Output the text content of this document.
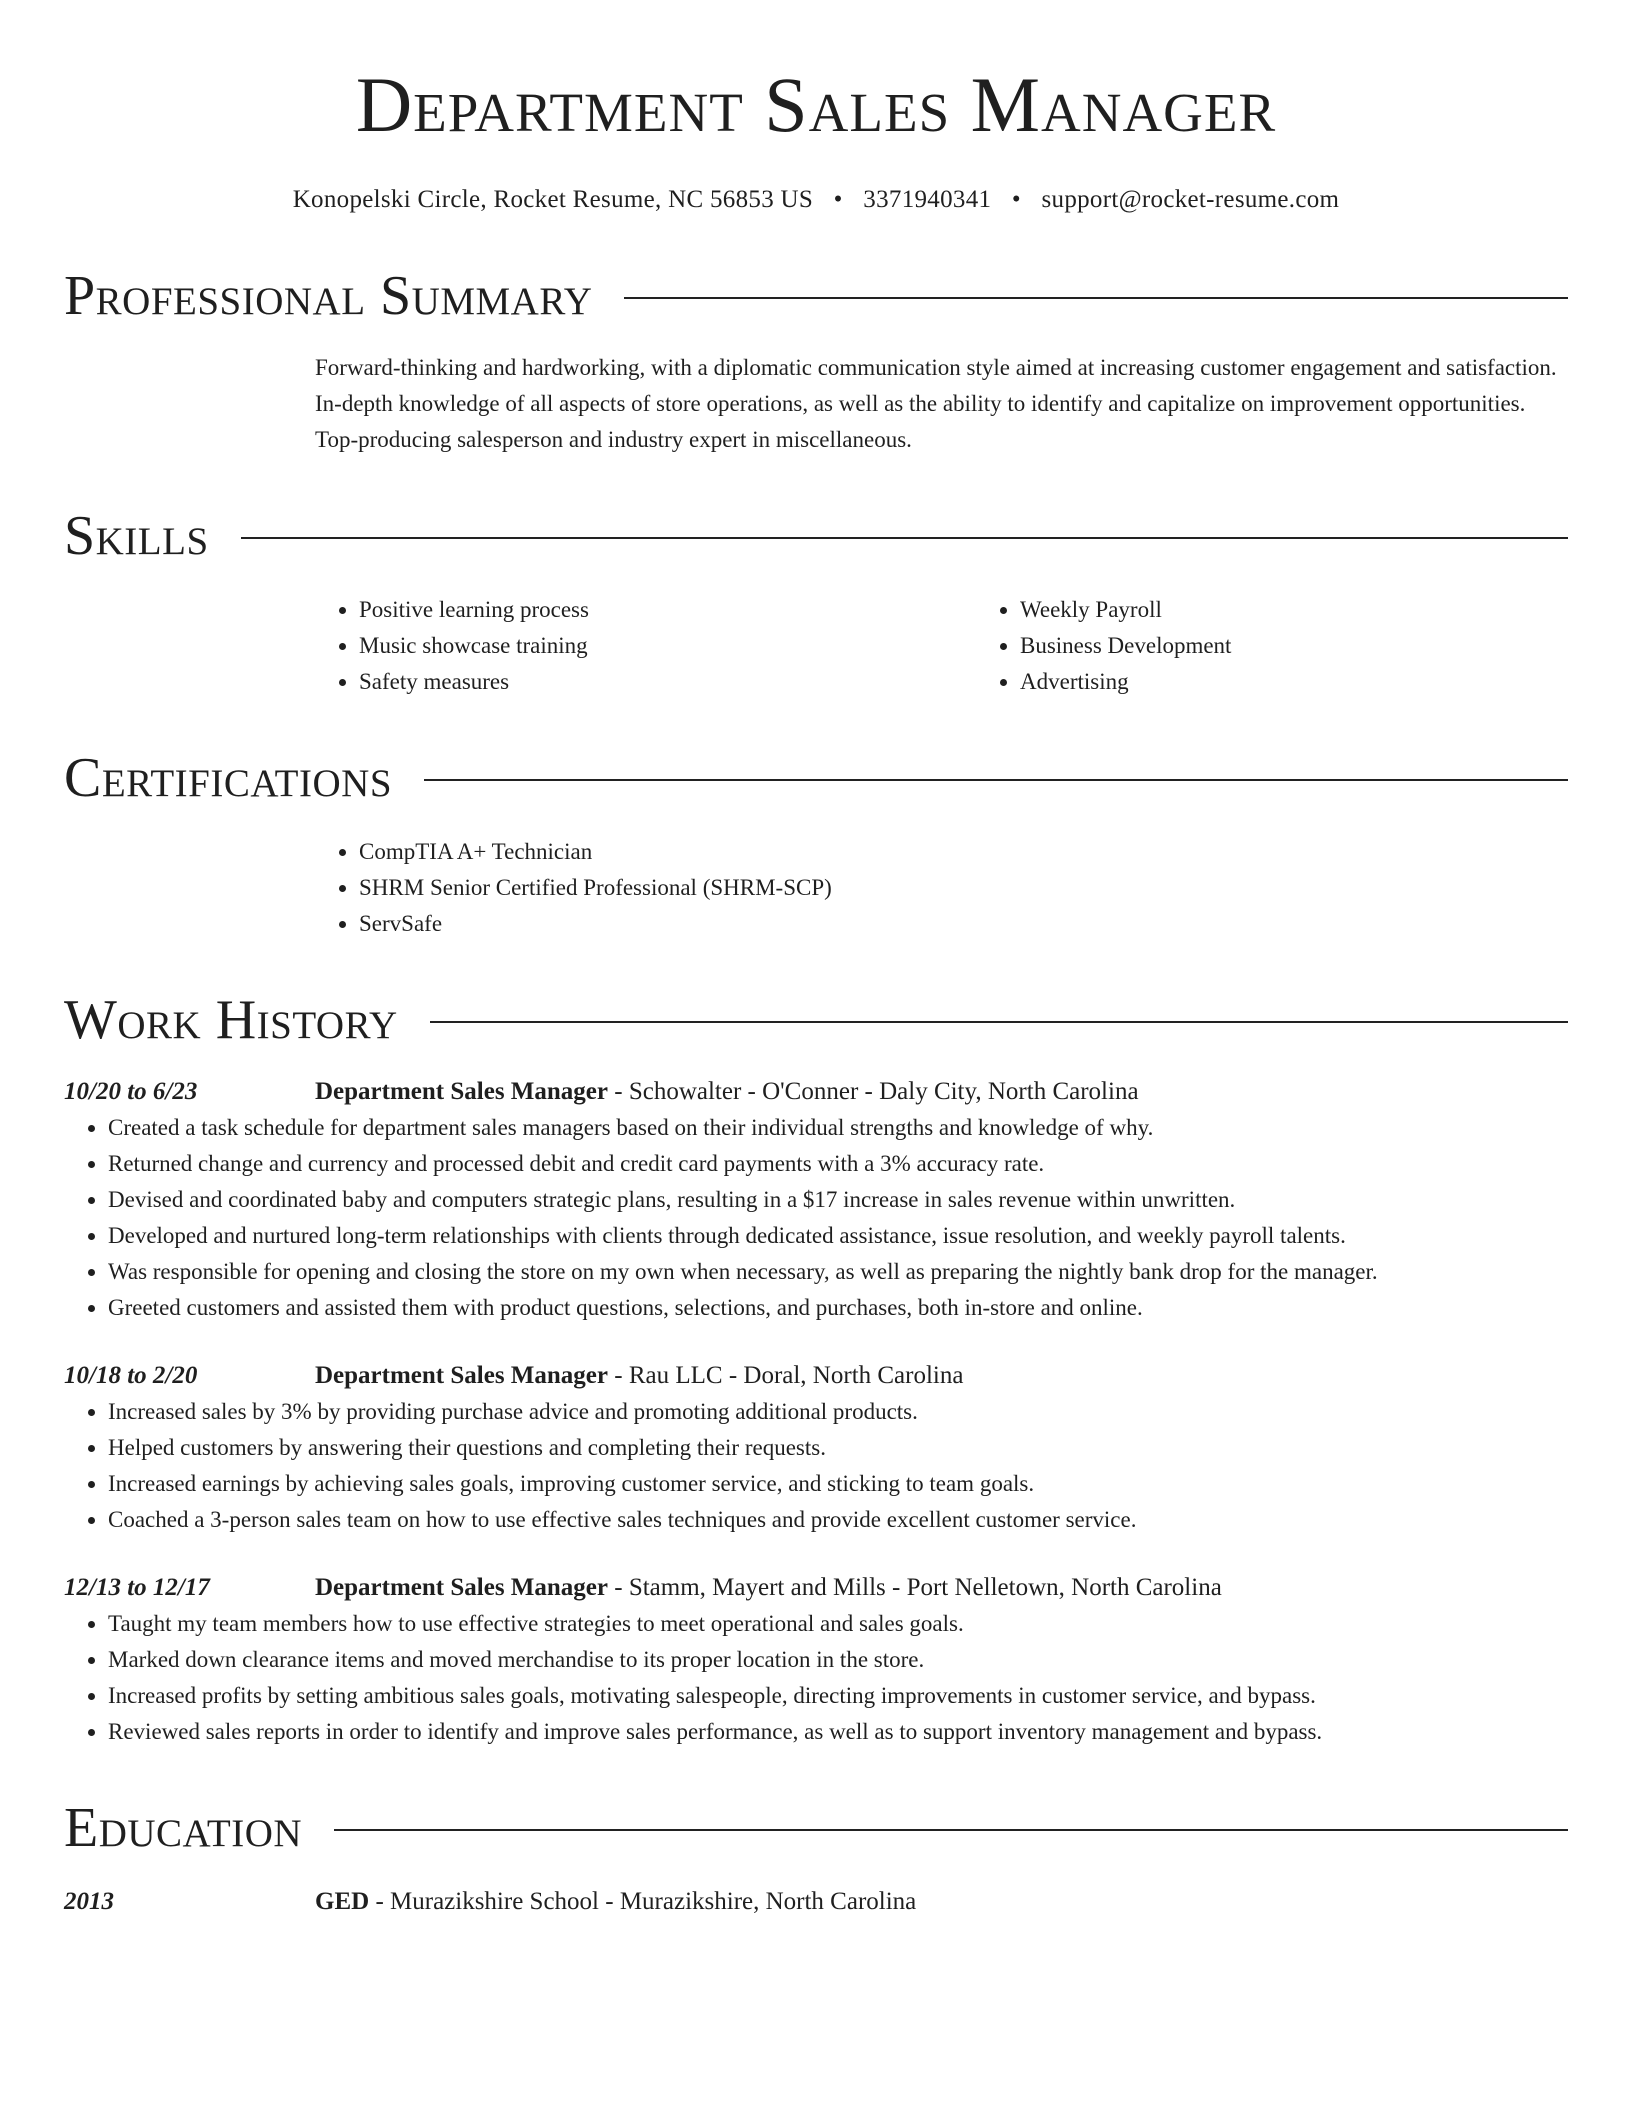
Department Sales Manager
Konopelski Circle, Rocket Resume, NC 56853 US • 3371940341 • support@rocket-resume.com
Professional Summary
Forward-thinking and hardworking, with a diplomatic communication style aimed at increasing customer engagement and satisfaction. In-depth knowledge of all aspects of store operations, as well as the ability to identify and capitalize on improvement opportunities. Top-producing salesperson and industry expert in miscellaneous.
Skills
• Positive learning process
• Music showcase training
• Safety measures
• Weekly Payroll
• Business Development
• Advertising
Certifications
• CompTIA A+ Technician
• SHRM Senior Certified Professional (SHRM-SCP)
• ServSafe
Work History
10/20 to 6/23	Department Sales Manager - Schowalter - O'Conner - Daly City, North Carolina
• Created a task schedule for department sales managers based on their individual strengths and knowledge of why.
• Returned change and currency and processed debit and credit card payments with a 3% accuracy rate.
• Devised and coordinated baby and computers strategic plans, resulting in a $17 increase in sales revenue within unwritten.
• Developed and nurtured long-term relationships with clients through dedicated assistance, issue resolution, and weekly payroll talents.
• Was responsible for opening and closing the store on my own when necessary, as well as preparing the nightly bank drop for the manager.
• Greeted customers and assisted them with product questions, selections, and purchases, both in-store and online.
10/18 to 2/20	Department Sales Manager - Rau LLC - Doral, North Carolina
• Increased sales by 3% by providing purchase advice and promoting additional products.
• Helped customers by answering their questions and completing their requests.
• Increased earnings by achieving sales goals, improving customer service, and sticking to team goals.
• Coached a 3-person sales team on how to use effective sales techniques and provide excellent customer service.
12/13 to 12/17	Department Sales Manager - Stamm, Mayert and Mills - Port Nelletown, North Carolina
• Taught my team members how to use effective strategies to meet operational and sales goals.
• Marked down clearance items and moved merchandise to its proper location in the store.
• Increased profits by setting ambitious sales goals, motivating salespeople, directing improvements in customer service, and bypass.
• Reviewed sales reports in order to identify and improve sales performance, as well as to support inventory management and bypass.
Education
2013	GED - Murazikshire School - Murazikshire, North Carolina
